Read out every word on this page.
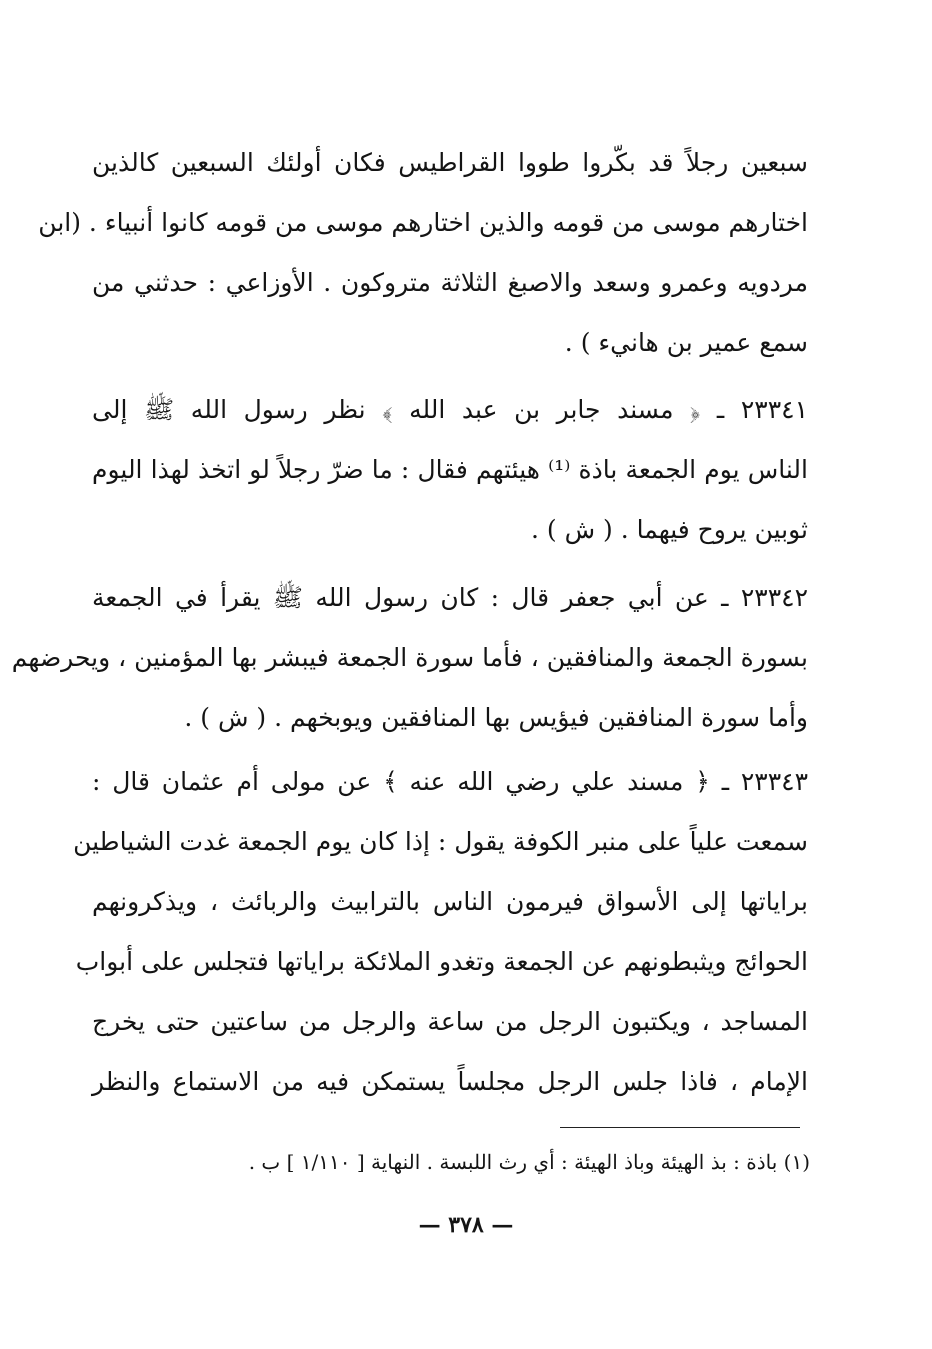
سبعين رجلاً قد بكّروا طووا القراطيس فكان أولئك السبعين كالذين
اختارهم موسى من قومه والذين اختارهم موسى من قومه كانوا أنبياء . (ابن
مردويه وعمرو وسعد والاصبغ الثلاثة متروكون . الأوزاعي : حدثني من
سمع عمير بن هانيء ) .
٢٣٣٤١ ـ ﴿ مسند جابر بن عبد الله ﴾ نظر رسول الله ﷺ إلى
الناس يوم الجمعة باذة ⁽¹⁾ هيئتهم فقال : ما ضرّ رجلاً لو اتخذ لهذا اليوم
ثوبين يروح فيهما . ( ش ) .
٢٣٣٤٢ ـ عن أبي جعفر قال : كان رسول الله ﷺ يقرأ في الجمعة
بسورة الجمعة والمنافقين ، فأما سورة الجمعة فيبشر بها المؤمنين ، ويحرضهم
وأما سورة المنافقين فيؤيس بها المنافقين ويوبخهم . ( ش ) .
٢٣٣٤٣ ـ ﴿ مسند علي رضي الله عنه ﴾ عن مولى أم عثمان قال :
سمعت علياً على منبر الكوفة يقول : إذا كان يوم الجمعة غدت الشياطين
براياتها إلى الأسواق فيرمون الناس بالترابيث والربائث ، ويذكرونهم
الحوائج ويثبطونهم عن الجمعة وتغدو الملائكة براياتها فتجلس على أبواب
المساجد ، ويكتبون الرجل من ساعة والرجل من ساعتين حتى يخرج
الإمام ، فاذا جلس الرجل مجلساً يستمكن فيه من الاستماع والنظر
(١) باذة : بذ الهيئة وباذ الهيئة : أي رث اللبسة . النهاية [ ١/١١٠ ] ب .
— ٣٧٨ —
